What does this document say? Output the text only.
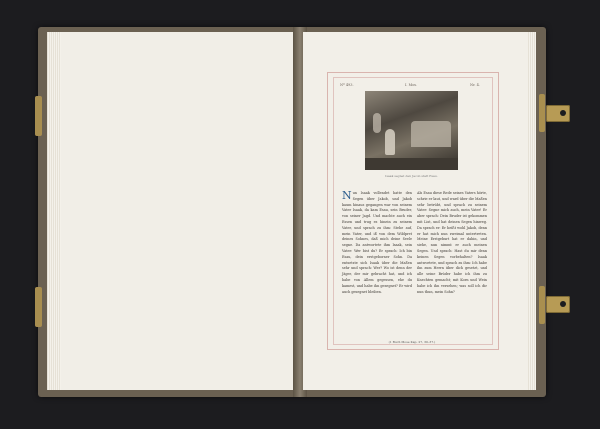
Nº 493.	I. Mos.	Nr. 4.
Isaak segnet den Jacob statt Esau.
N un Isaak vollendet hatte den Segen über Jakob, und Jakob kaum hinaus gegangen war von seinem Vater Isaak, da kam Esau, sein Bruder, von seiner Jagd. Und machte auch ein Essen und trug es hinein zu seinem Vater, und sprach zu ihm: Stehe auf, mein Vater, und iß von dem Wildpret deines Sohnes, daß mich deine Seele segne. Da antwortete ihm Isaak, sein Vater: Wer bist du? Er sprach: Ich bin Esau, dein erstgeborner Sohn. Da entsetzte sich Isaak über die Maßen sehr und sprach: Wer? Wo ist denn der Jäger, der mir gebracht hat, und ich habe von Allem gegessen, ehe du kamest, und habe ihn gesegnet? Er wird auch gesegnet bleiben.

Als Esau diese Rede seines Vaters hörte, schrie er laut, und ward über die Maßen sehr betrübt, und sprach zu seinem Vater: Segne mich auch, mein Vater! Er aber sprach: Dein Bruder ist gekommen mit List, und hat deinen Segen hinweg. Da sprach er: Er heißt wohl Jakob, denn er hat mich nun zweimal untertreten. Meine Erstgeburt hat er dahin, und siehe, nun nimmt er auch meinen Segen. Und sprach: Hast du mir denn keinen Segen vorbehalten? Isaak antwortete, und sprach zu ihm: Ich habe ihn zum Herrn über dich gesetzt, und alle seine Brüder habe ich ihm zu Knechten gemacht; mit Korn und Wein habe ich ihn versehen; was soll ich dir nun thun, mein Sohn?

(1 Buch Mose Kap. 27, 30–37.)
